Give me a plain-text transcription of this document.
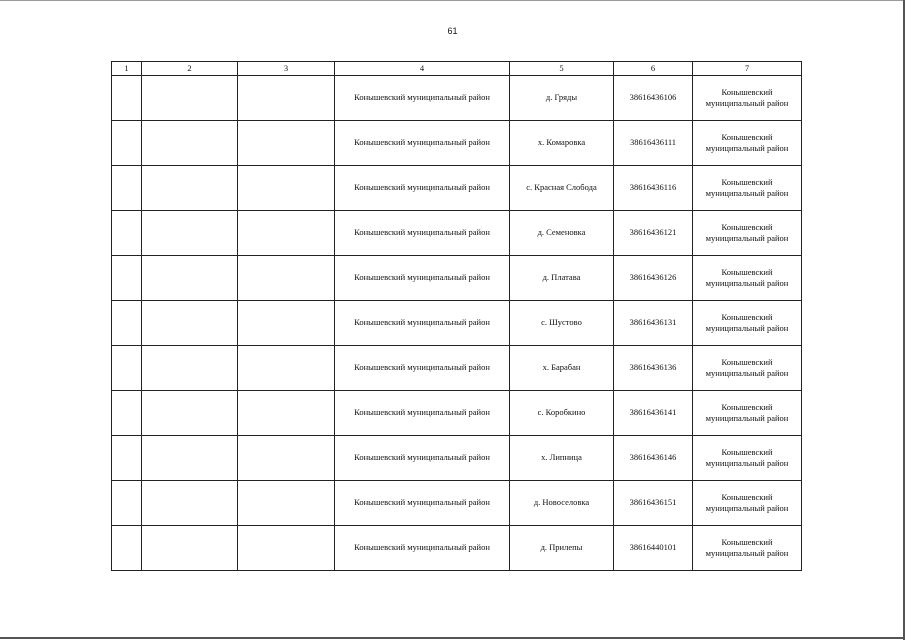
61
1	2	3	4	5	6	7
			Конышевский муниципальный район	д. Гряды	38616436106	Конышевский муниципальный район
			Конышевский муниципальный район	х. Комаровка	38616436111	Конышевский муниципальный район
			Конышевский муниципальный район	с. Красная Слобода	38616436116	Конышевский муниципальный район
			Конышевский муниципальный район	д. Семеновка	38616436121	Конышевский муниципальный район
			Конышевский муниципальный район	д. Платава	38616436126	Конышевский муниципальный район
			Конышевский муниципальный район	с. Шустово	38616436131	Конышевский муниципальный район
			Конышевский муниципальный район	х. Барабан	38616436136	Конышевский муниципальный район
			Конышевский муниципальный район	с. Коробкино	38616436141	Конышевский муниципальный район
			Конышевский муниципальный район	х. Липница	38616436146	Конышевский муниципальный район
			Конышевский муниципальный район	д. Новоселовка	38616436151	Конышевский муниципальный район
			Конышевский муниципальный район	д. Прилепы	38616440101	Конышевский муниципальный район
